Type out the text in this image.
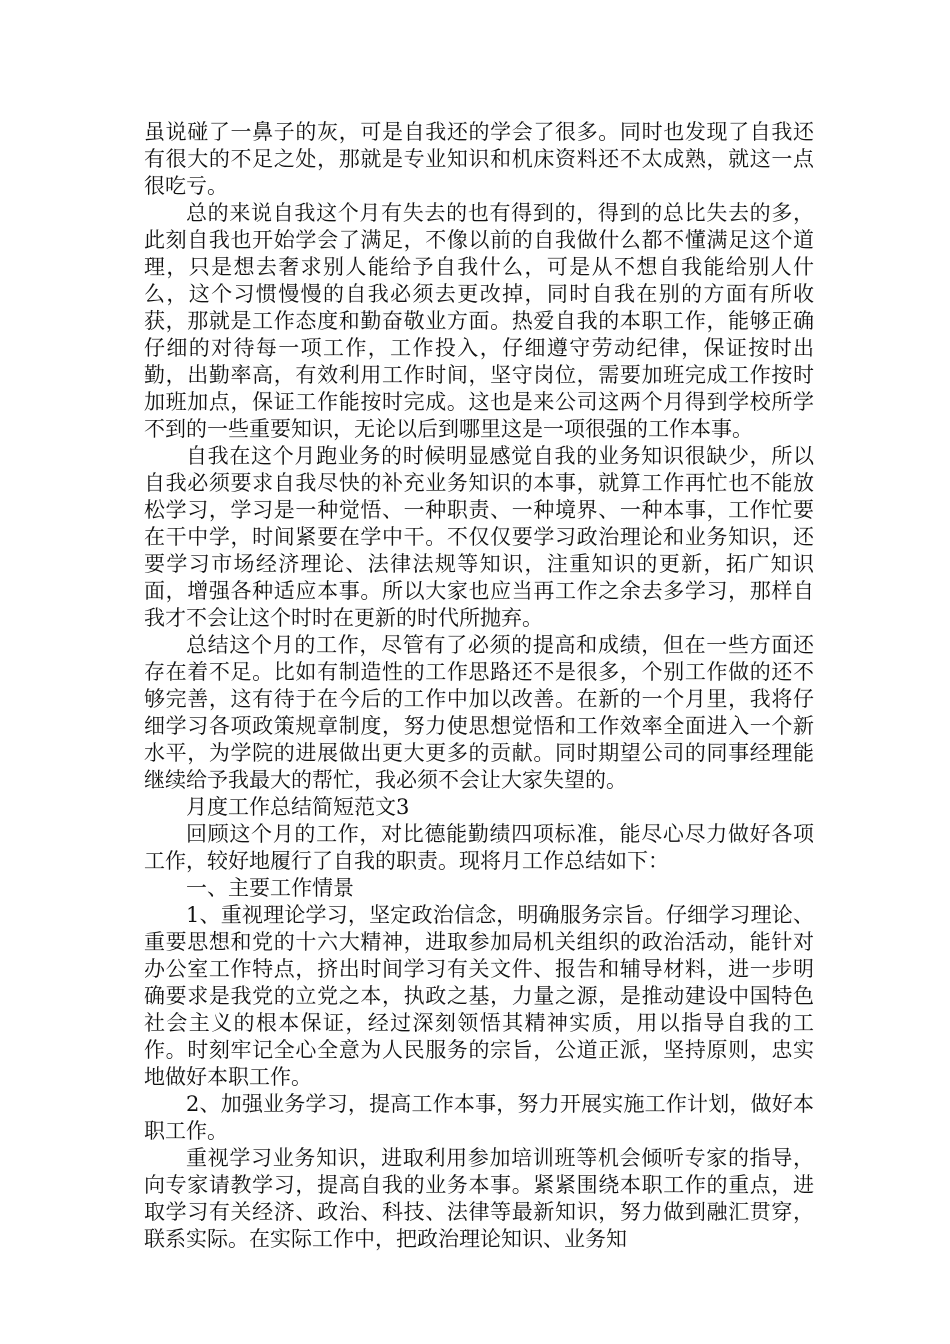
虽说碰了一鼻子的灰，可是自我还的学会了很多。同时也发现了自我还有很大的不足之处，那就是专业知识和机床资料还不太成熟，就这一点很吃亏。

总的来说自我这个月有失去的也有得到的，得到的总比失去的多，此刻自我也开始学会了满足，不像以前的自我做什么都不懂满足这个道理，只是想去奢求别人能给予自我什么，可是从不想自我能给别人什么，这个习惯慢慢的自我必须去更改掉，同时自我在别的方面有所收获，那就是工作态度和勤奋敬业方面。热爱自我的本职工作，能够正确仔细的对待每一项工作，工作投入，仔细遵守劳动纪律，保证按时出勤，出勤率高，有效利用工作时间，坚守岗位，需要加班完成工作按时加班加点，保证工作能按时完成。这也是来公司这两个月得到学校所学不到的一些重要知识，无论以后到哪里这是一项很强的工作本事。

自我在这个月跑业务的时候明显感觉自我的业务知识很缺少，所以自我必须要求自我尽快的补充业务知识的本事，就算工作再忙也不能放松学习，学习是一种觉悟、一种职责、一种境界、一种本事，工作忙要在干中学，时间紧要在学中干。不仅仅要学习政治理论和业务知识，还要学习市场经济理论、法律法规等知识，注重知识的更新，拓广知识面，增强各种适应本事。所以大家也应当再工作之余去多学习，那样自我才不会让这个时时在更新的时代所抛弃。

总结这个月的工作，尽管有了必须的提高和成绩，但在一些方面还存在着不足。比如有制造性的工作思路还不是很多，个别工作做的还不够完善，这有待于在今后的工作中加以改善。在新的一个月里，我将仔细学习各项政策规章制度，努力使思想觉悟和工作效率全面进入一个新水平，为学院的进展做出更大更多的贡献。同时期望公司的同事经理能继续给予我最大的帮忙，我必须不会让大家失望的。

月度工作总结简短范文3

回顾这个月的工作，对比德能勤绩四项标准，能尽心尽力做好各项工作，较好地履行了自我的职责。现将月工作总结如下：

一、主要工作情景

1、重视理论学习，坚定政治信念，明确服务宗旨。仔细学习理论、重要思想和党的十六大精神，进取参加局机关组织的政治活动，能针对办公室工作特点，挤出时间学习有关文件、报告和辅导材料，进一步明确要求是我党的立党之本，执政之基，力量之源，是推动建设中国特色社会主义的根本保证，经过深刻领悟其精神实质，用以指导自我的工作。时刻牢记全心全意为人民服务的宗旨，公道正派，坚持原则，忠实地做好本职工作。

2、加强业务学习，提高工作本事，努力开展实施工作计划，做好本职工作。

重视学习业务知识，进取利用参加培训班等机会倾听专家的指导，向专家请教学习，提高自我的业务本事。紧紧围绕本职工作的重点，进取学习有关经济、政治、科技、法律等最新知识，努力做到融汇贯穿，联系实际。在实际工作中，把政治理论知识、业务知
